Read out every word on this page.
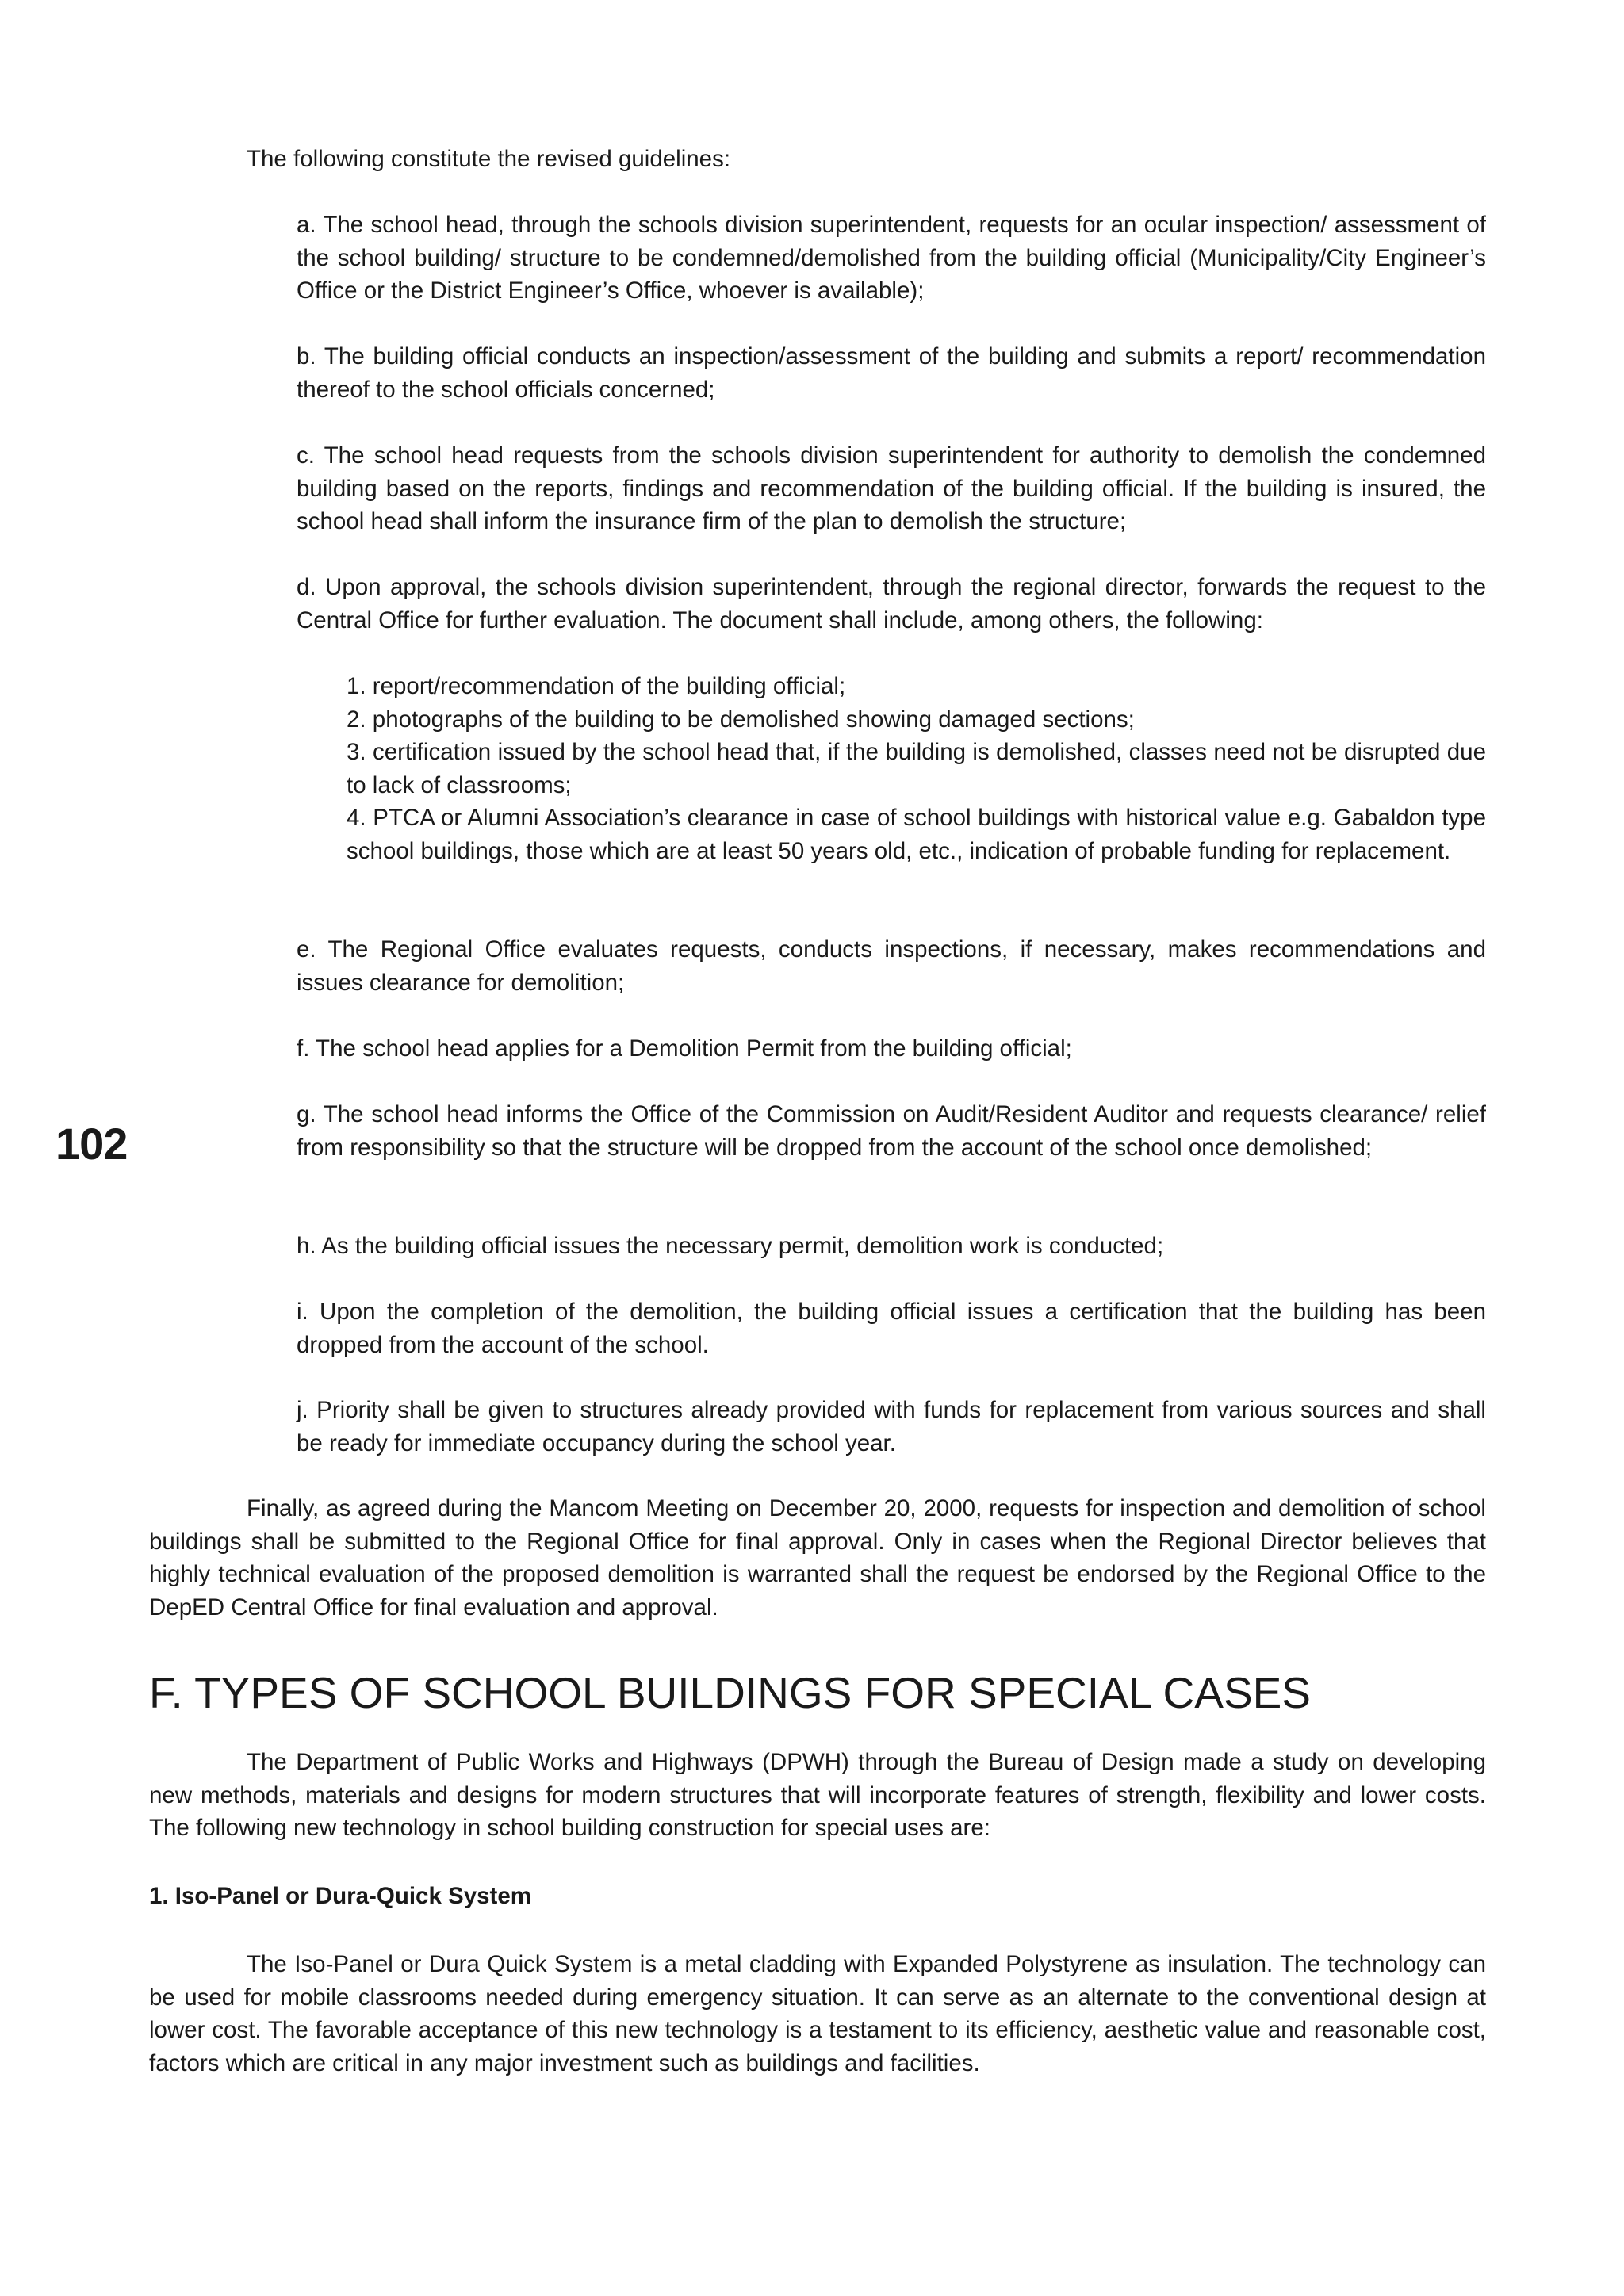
102

The following constitute the revised guidelines:

a. The school head, through the schools division superintendent, requests for an ocular inspection/ assessment of the school building/ structure to be condemned/demolished from the building official (Municipality/City Engineer’s Office or the District Engineer’s Office, whoever is available);

b. The building official conducts an inspection/assessment of the building and submits a report/ recommendation thereof to the school officials concerned;

c. The school head requests from the schools division superintendent for authority to demolish the condemned building based on the reports, findings and recommendation of the building official. If the building is insured, the school head shall inform the insurance firm of the plan to demolish the structure;

d. Upon approval, the schools division superintendent, through the regional director, forwards the request to the Central Office for further evaluation. The document shall include, among others, the following:

1. report/recommendation of the building official;

2. photographs of the building to be demolished showing damaged sections;

3. certification issued by the school head that, if the building is demolished, classes need not be disrupted due to lack of classrooms;

4. PTCA or Alumni Association’s clearance in case of school buildings with historical value e.g. Gabaldon type school buildings, those which are at least 50 years old, etc., indication of probable funding for replacement.

e. The Regional Office evaluates requests, conducts inspections, if necessary, makes recommendations and issues clearance for demolition;

f. The school head applies for a Demolition Permit from the building official;

g. The school head informs the Office of the Commission on Audit/Resident Auditor and requests clearance/ relief from responsibility so that the structure will be dropped from the account of the school once demolished;

h. As the building official issues the necessary permit, demolition work is conducted;

i. Upon the completion of the demolition, the building official issues a certification that the building has been dropped from the account of the school.

j. Priority shall be given to structures already provided with funds for replacement from various sources and shall be ready for immediate occupancy during the school year.

Finally, as agreed during the Mancom Meeting on December 20, 2000, requests for inspection and demolition of school buildings shall be submitted to the Regional Office for final approval. Only in cases when the Regional Director believes that highly technical evaluation of the proposed demolition is warranted shall the request be endorsed by the Regional Office to the DepED Central Office for final evaluation and approval.

F. TYPES OF SCHOOL BUILDINGS FOR SPECIAL CASES

The Department of Public Works and Highways (DPWH) through the Bureau of Design made a study on developing new methods, materials and designs for modern structures that will incorporate features of strength, flexibility and lower costs. The following new technology in school building construction for special uses are:

1. Iso-Panel or Dura-Quick System

The Iso-Panel or Dura Quick System is a metal cladding with Expanded Polystyrene as insulation. The technology can be used for mobile classrooms needed during emergency situation. It can serve as an alternate to the conventional design at lower cost. The favorable acceptance of this new technology is a testament to its efficiency, aesthetic value and reasonable cost, factors which are critical in any major investment such as buildings and facilities.
